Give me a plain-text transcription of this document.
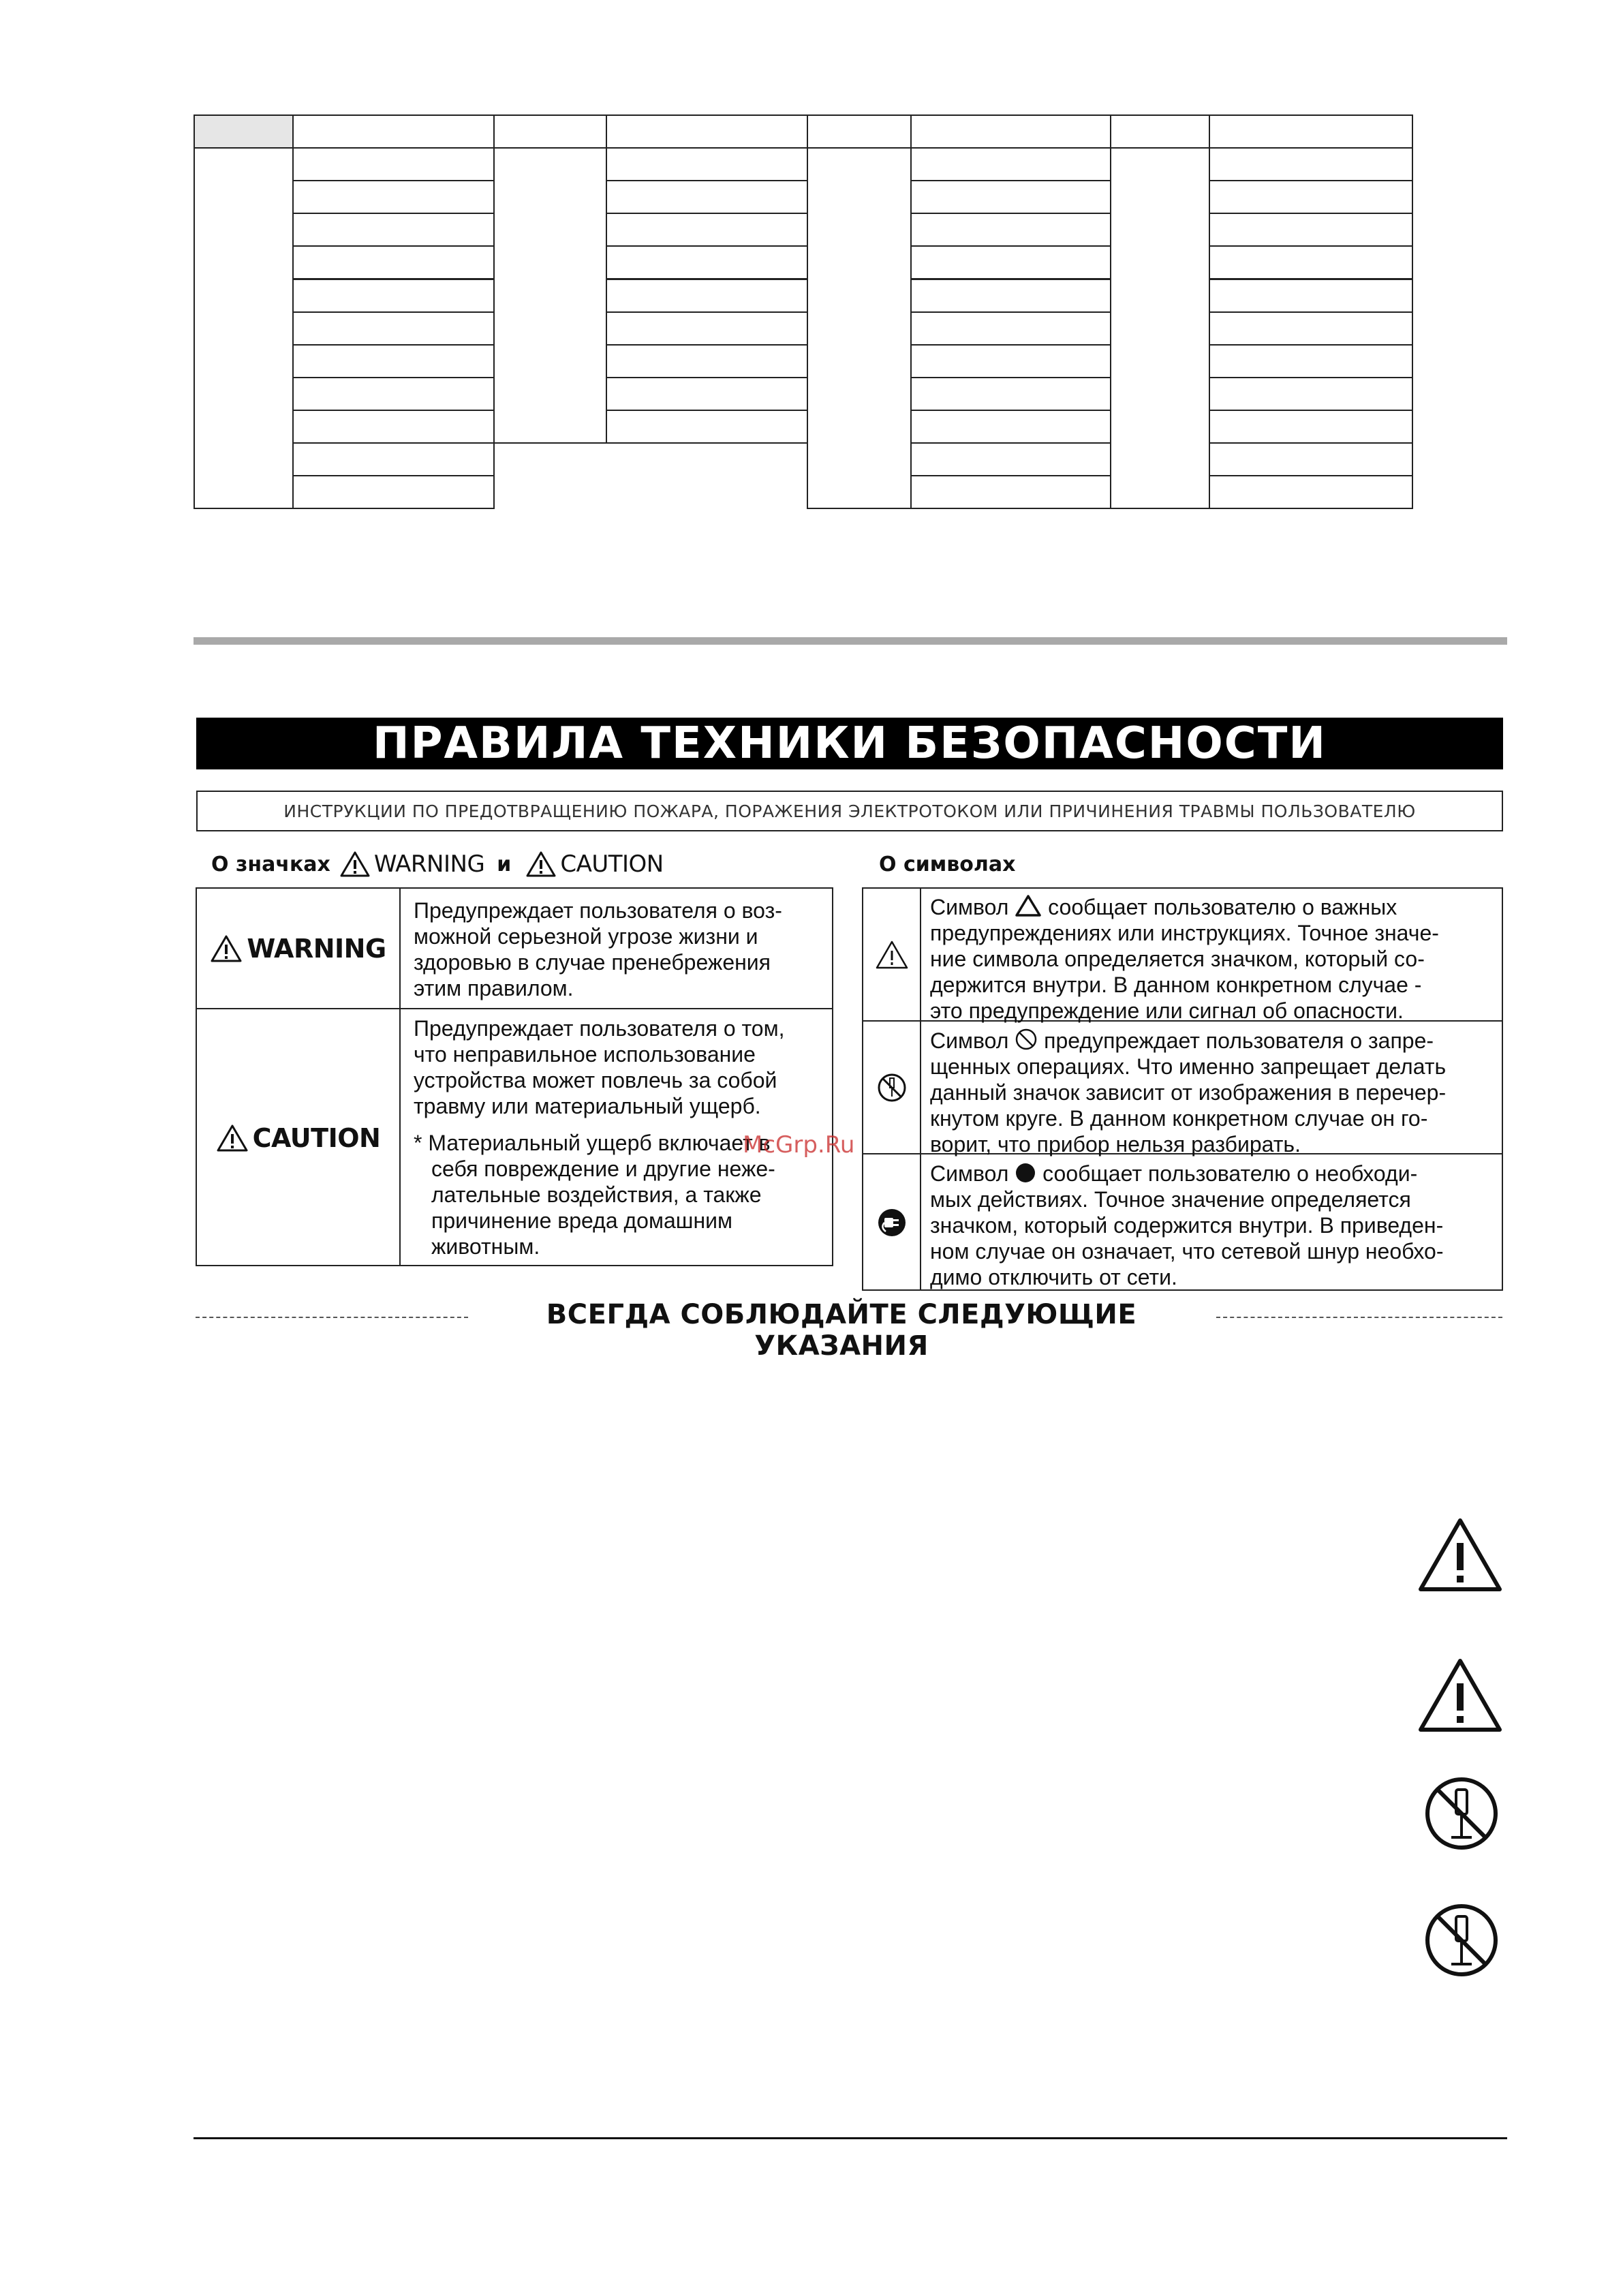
ПРАВИЛА ТЕХНИКИ БЕЗОПАСНОСТИ
ИНСТРУКЦИИ ПО ПРЕДОТВРАЩЕНИЮ ПОЖАРА, ПОРАЖЕНИЯ ЭЛЕКТРОТОКОМ ИЛИ ПРИЧИНЕНИЯ ТРАВМЫ ПОЛЬЗОВАТЕЛЮ
О значках WARNING и CAUTION	О символах
WARNING

Предупреждает пользователя о воз-

можной серьезной угрозе жизни и

здоровью в случае пренебрежения

этим правилом.

CAUTION

Предупреждает пользователя о том,

что неправильное использование

устройства может повлечь за собой

травму или материальный ущерб.

* Материальный ущерб включает в

себя повреждение и другие неже-

лательные воздействия, а также

причинение вреда домашним

животным.

Символ  сообщает пользователю о важных

предупреждениях или инструкциях. Точное значе-

ние символа определяется значком, который со-

держится внутри. В данном конкретном случае -

это предупреждение или сигнал об опасности.

Символ  предупреждает пользователя о запре-

щенных операциях. Что именно запрещает делать

данный значок зависит от изображения в перечер-

кнутом круге. В данном конкретном случае он го-

ворит, что прибор нельзя разбирать.

Символ  сообщает пользователю о необходи-

мых действиях. Точное значение определяется

значком, который содержится внутри. В приведен-

ном случае он означает, что сетевой шнур необхо-

димо отключить от сети.

McGrp.Ru
ВСЕГДА СОБЛЮДАЙТЕ СЛЕДУЮЩИЕ УКАЗАНИЯ
